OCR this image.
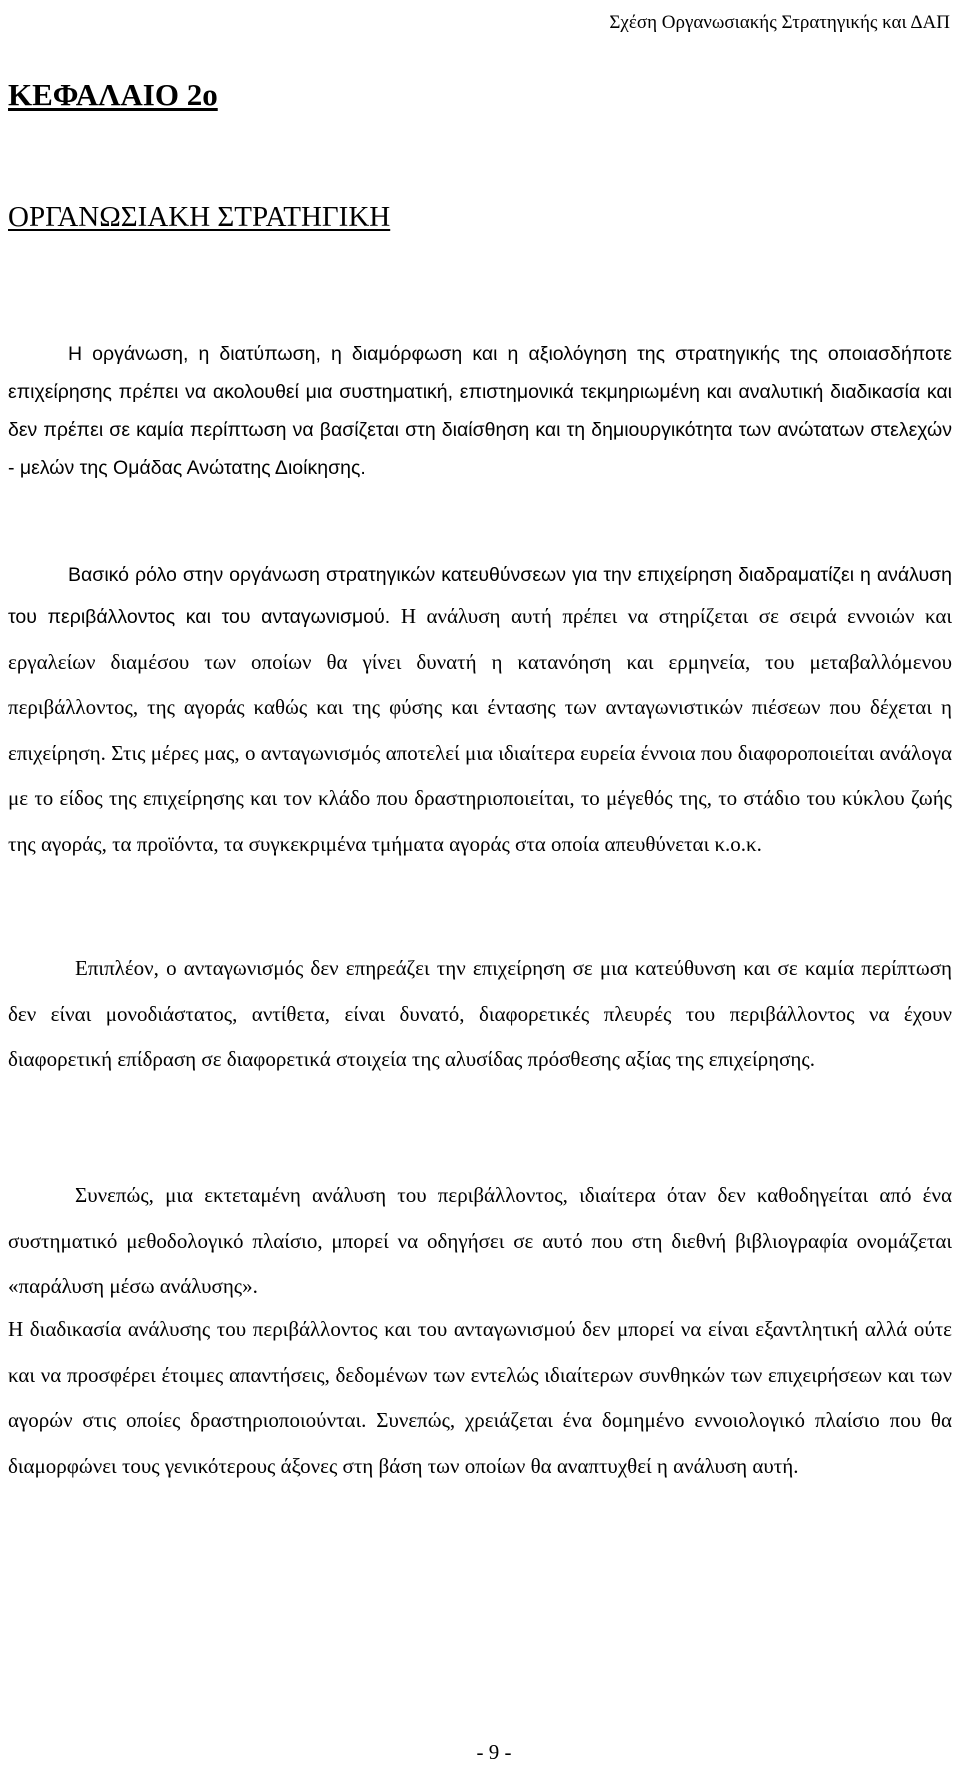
Σχέση Οργανωσιακής Στρατηγικής και ΔΑΠ
ΚΕΦΑΛΑΙΟ 2ο
ΟΡΓΑΝΩΣΙΑΚΗ ΣΤΡΑΤΗΓΙΚΗ

Η οργάνωση, η διατύπωση, η διαμόρφωση και η αξιολόγηση της στρατηγικής της οποιασδήποτε επιχείρησης πρέπει να ακολουθεί μια συστηματική, επιστημονικά τεκμηριωμένη και αναλυτική διαδικασία και δεν πρέπει σε καμία περίπτωση να βασίζεται στη διαίσθηση και τη δημιουργικότητα των ανώτατων στελεχών - μελών της Ομάδας Ανώτατης Διοίκησης.

Βασικό ρόλο στην οργάνωση στρατηγικών κατευθύνσεων για την επιχείρηση διαδραματίζει η ανάλυση του περιβάλλοντος και του ανταγωνισμού. Η ανάλυση αυτή πρέπει να στηρίζεται σε σειρά εννοιών και εργαλείων διαμέσου των οποίων θα γίνει δυνατή η κατανόηση και ερμηνεία, του μεταβαλλόμενου περιβάλλοντος, της αγοράς καθώς και της φύσης και έντασης των ανταγωνιστικών πιέσεων που δέχεται η επιχείρηση. Στις μέρες μας, ο ανταγωνισμός αποτελεί μια ιδιαίτερα ευρεία έννοια που διαφοροποιείται ανάλογα με το είδος της επιχείρησης και τον κλάδο που δραστηριοποιείται, το μέγεθός της, το στάδιο του κύκλου ζωής της αγοράς, τα προϊόντα, τα συγκεκριμένα τμήματα αγοράς στα οποία απευθύνεται κ.ο.κ.

Επιπλέον, ο ανταγωνισμός δεν επηρεάζει την επιχείρηση σε μια κατεύθυνση και σε καμία περίπτωση δεν είναι μονοδιάστατος, αντίθετα, είναι δυνατό, διαφορετικές πλευρές του περιβάλλοντος να έχουν διαφορετική επίδραση σε διαφορετικά στοιχεία της αλυσίδας πρόσθεσης αξίας της επιχείρησης.

Συνεπώς, μια εκτεταμένη ανάλυση του περιβάλλοντος, ιδιαίτερα όταν δεν καθοδηγείται από ένα συστηματικό μεθοδολογικό πλαίσιο, μπορεί να οδηγήσει σε αυτό που στη διεθνή βιβλιογραφία ονομάζεται «παράλυση μέσω ανάλυσης».

Η διαδικασία ανάλυσης του περιβάλλοντος και του ανταγωνισμού δεν μπορεί να είναι εξαντλητική αλλά ούτε και να προσφέρει έτοιμες απαντήσεις, δεδομένων των εντελώς ιδιαίτερων συνθηκών των επιχειρήσεων και των αγορών στις οποίες δραστηριοποιούνται. Συνεπώς, χρειάζεται ένα δομημένο εννοιολογικό πλαίσιο που θα διαμορφώνει τους γενικότερους άξονες στη βάση των οποίων θα αναπτυχθεί η ανάλυση αυτή.

- 9 -
